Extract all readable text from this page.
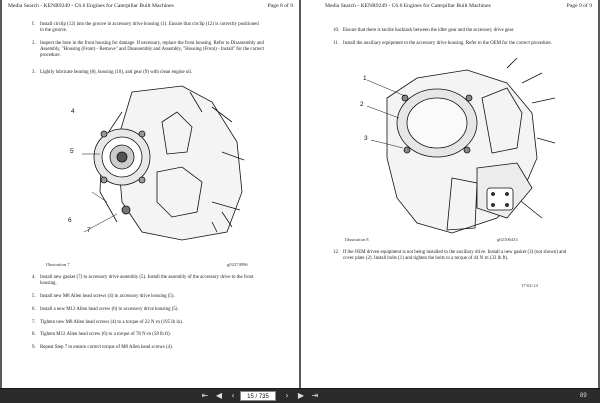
Media Search - KENR9249 - C6.6 Engines for Caterpillar Built Machines	Page 8 of 9
f. Install circlip (12) into the groove in accessory drive housing (1). Ensure that circlip (12) is correctly positioned in the groove.
2. Inspect the bore in the front housing for damage. If necessary, replace the front housing. Refer to Disassembly and Assembly, "Housing (Front) - Remove" and Disassembly and Assembly, "Housing (Front) - Install" for the correct procedure.
3. Lightly lubricate bearing (8), housing (10), and gear (9) with clean engine oil.
4
5
6
7
Illustration 7	g02374996
4. Install new gasket (7) to accessory drive assembly (5). Install the assembly of the accessory drive to the front housing.
5. Install new M8 Allen head screws (4) to accessory drive housing (5).
6. Install a new M12 Allen head screw (6) to accessory drive housing (5).
7. Tighten new M8 Allen head screws (4) to a torque of 22 N·m (195 lb in).
8. Tighten M12 Allen head screw (6) to a torque of 78 N·m (58 lb ft).
9. Repeat Step 7 to ensure correct torque of M8 Allen head screws (4).
Media Search - KENR9249 - C6.6 Engines for Caterpillar Built Machines	Page 9 of 9
10. Ensure that there is tactile backlash between the idler gear and the accessory drive gear.
11. Install the auxiliary equipment to the accessory drive housing. Refer to the OEM for the correct procedure.
1
2
3
Illustration 8	g02106433
12. If the OEM driven equipment is not being installed to the auxiliary drive. Install a new gasket (3) (not shown) and cover plate (2). Install bolts (1) and tighten the bolts to a torque of 44 N·m (33 lb ft).
17-02-14
⇤ ◀	‹	15 / 735	›	▶ ⇥	89
